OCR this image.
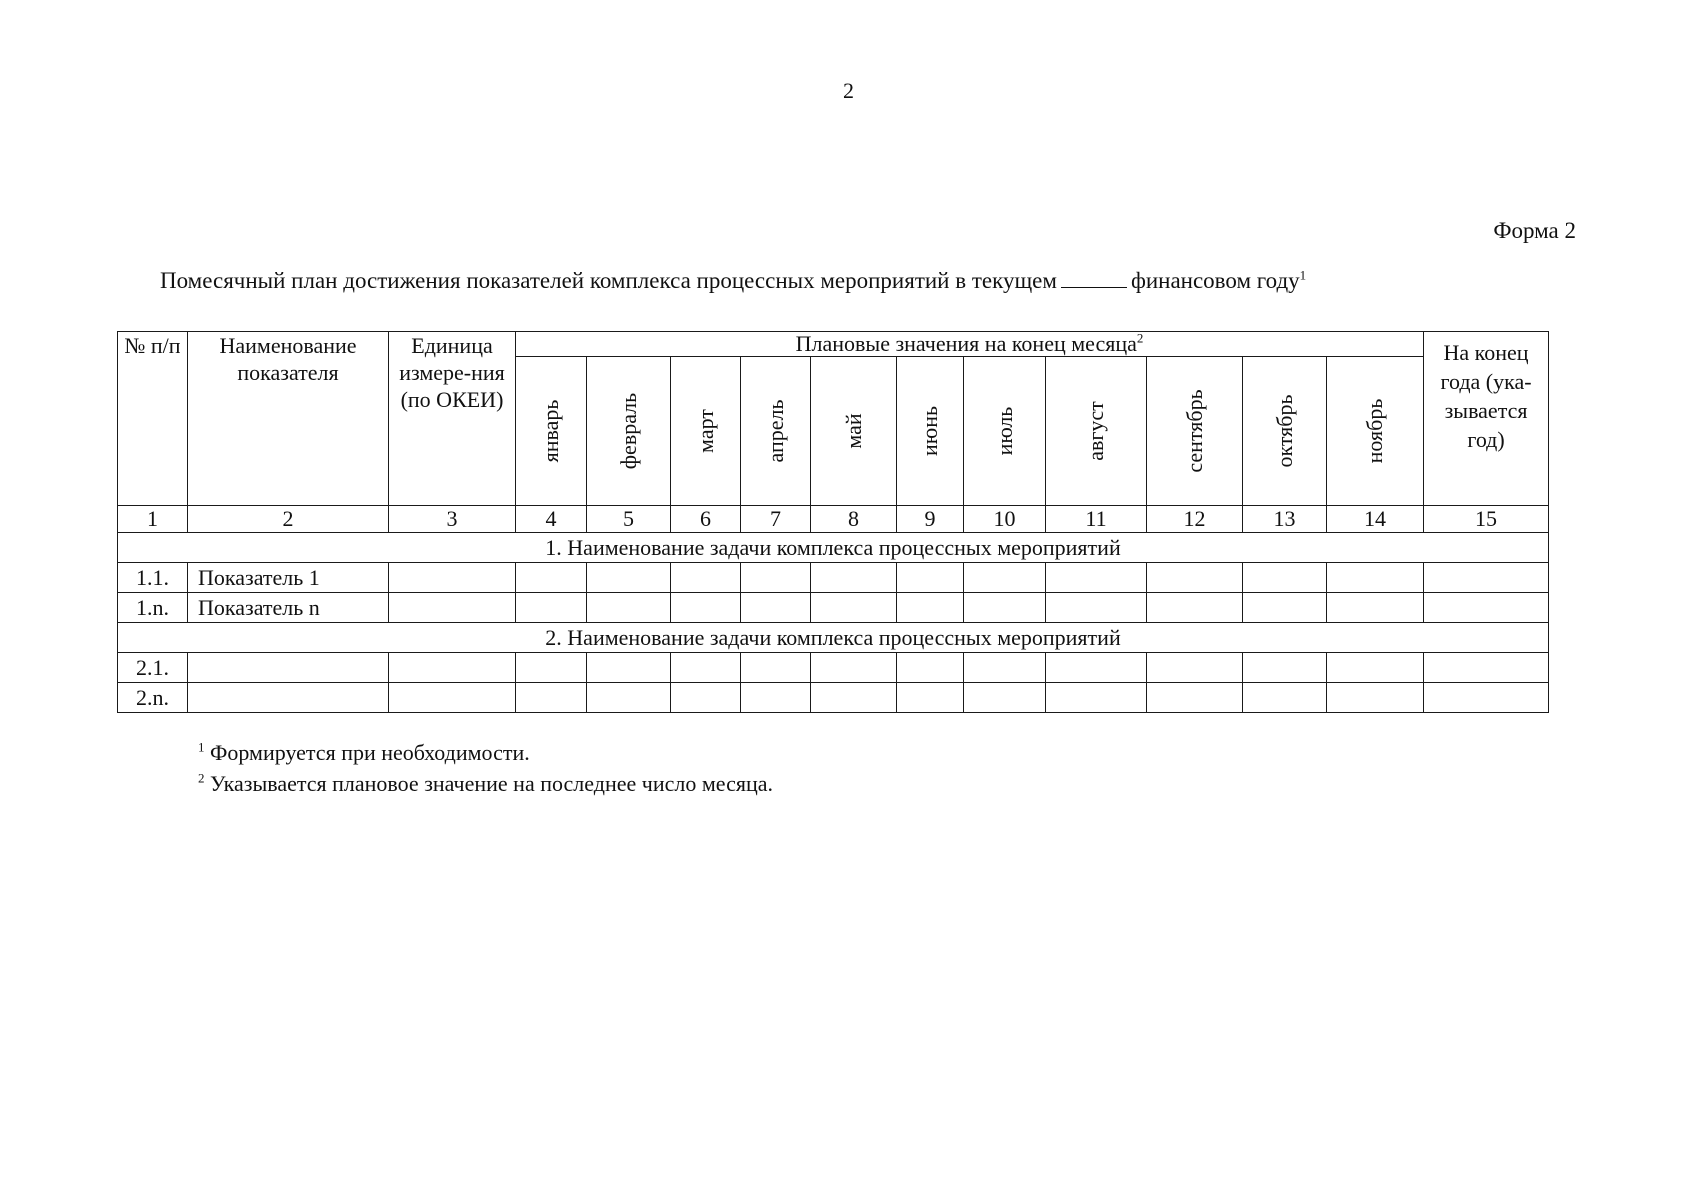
2
Форма 2
Помесячный план достижения показателей комплекса процессных мероприятий в текущем	финансовом году$^1$
№ п/п	Наименование показателя	Единица измере-ния (по ОКЕИ)	Плановые значения на конец месяца$^2$											На конец года (ука-зывается год)

			январь	февраль	март	апрель	май	июнь	июль	август	сентябрь	октябрь	ноябрь	

1	2	3	4	5	6	7	8	9	10	11	12	13	14	15
1. Наименование задачи комплекса процессных мероприятий														
1.1.	Показатель 1													
1.n.	Показатель n													
2. Наименование задачи комплекса процессных мероприятий														
2.1.														
2.n.														
$^1$ Формируется при необходимости.
$^2$ Указывается плановое значение на последнее число месяца.
